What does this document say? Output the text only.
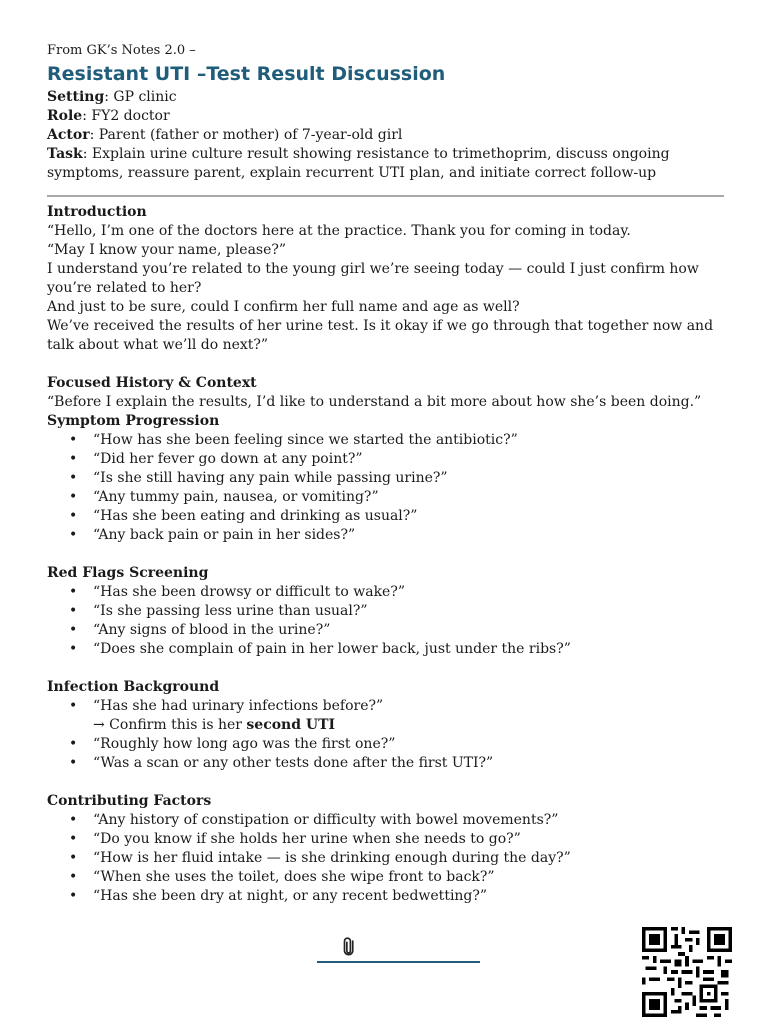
From GK’s Notes 2.0 –
Resistant UTI –Test Result Discussion
Setting: GP clinic
Role: FY2 doctor
Actor: Parent (father or mother) of 7-year-old girl
Task: Explain urine culture result showing resistance to trimethoprim, discuss ongoing symptoms, reassure parent, explain recurrent UTI plan, and initiate correct follow-up
Introduction
“Hello, I’m one of the doctors here at the practice. Thank you for coming in today.
“May I know your name, please?”
I understand you’re related to the young girl we’re seeing today — could I just confirm how you’re related to her?
And just to be sure, could I confirm her full name and age as well?
We’ve received the results of her urine test. Is it okay if we go through that together now and talk about what we’ll do next?”
Focused History & Context
“Before I explain the results, I’d like to understand a bit more about how she’s been doing.”
Symptom Progression
• “How has she been feeling since we started the antibiotic?”
• “Did her fever go down at any point?”
• “Is she still having any pain while passing urine?”
• “Any tummy pain, nausea, or vomiting?”
• “Has she been eating and drinking as usual?”
• “Any back pain or pain in her sides?”
Red Flags Screening
• “Has she been drowsy or difficult to wake?”
• “Is she passing less urine than usual?”
• “Any signs of blood in the urine?”
• “Does she complain of pain in her lower back, just under the ribs?”
Infection Background
• “Has she had urinary infections before?”
→ Confirm this is her second UTI
• “Roughly how long ago was the first one?”
• “Was a scan or any other tests done after the first UTI?”
Contributing Factors
• “Any history of constipation or difficulty with bowel movements?”
• “Do you know if she holds her urine when she needs to go?”
• “How is her fluid intake — is she drinking enough during the day?”
• “When she uses the toilet, does she wipe front to back?”
• “Has she been dry at night, or any recent bedwetting?”
